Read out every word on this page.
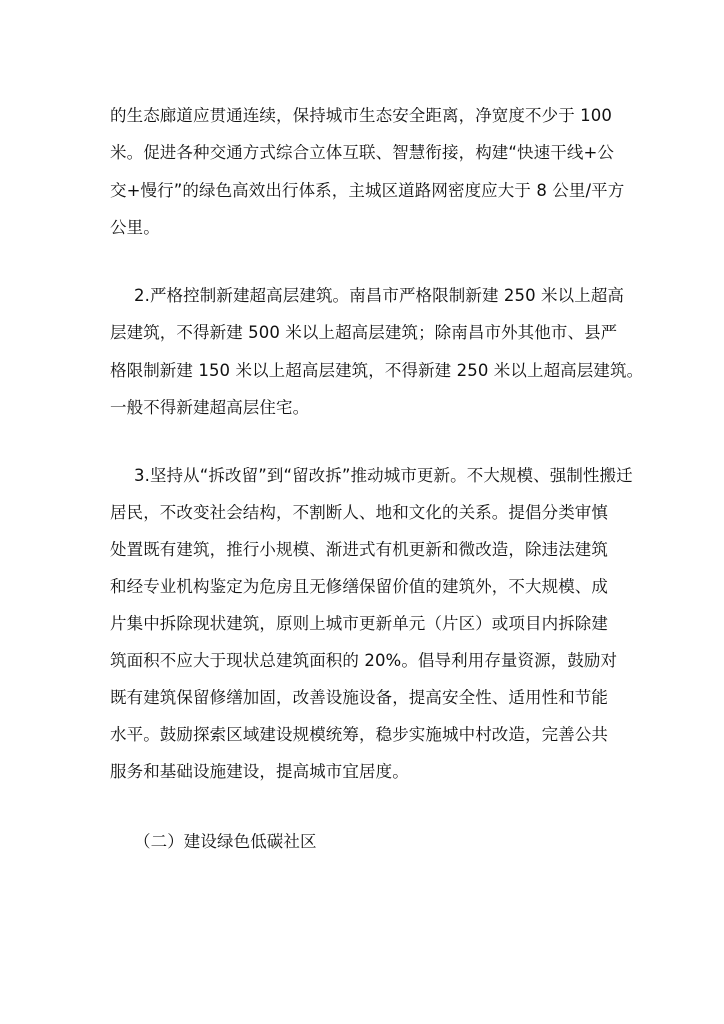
的生态廊道应贯通连续，保持城市生态安全距离，净宽度不少于 100
米。促进各种交通方式综合立体互联、智慧衔接，构建“快速干线+公
交+慢行”的绿色高效出行体系，主城区道路网密度应大于 8 公里/平方
公里。
2.严格控制新建超高层建筑。南昌市严格限制新建 250 米以上超高
层建筑，不得新建 500 米以上超高层建筑；除南昌市外其他市、县严
格限制新建 150 米以上超高层建筑，不得新建 250 米以上超高层建筑。
一般不得新建超高层住宅。
3.坚持从“拆改留”到“留改拆”推动城市更新。不大规模、强制性搬迁
居民，不改变社会结构，不割断人、地和文化的关系。提倡分类审慎
处置既有建筑，推行小规模、渐进式有机更新和微改造，除违法建筑
和经专业机构鉴定为危房且无修缮保留价值的建筑外，不大规模、成
片集中拆除现状建筑，原则上城市更新单元（片区）或项目内拆除建
筑面积不应大于现状总建筑面积的 20%。倡导利用存量资源，鼓励对
既有建筑保留修缮加固，改善设施设备，提高安全性、适用性和节能
水平。鼓励探索区域建设规模统筹，稳步实施城中村改造，完善公共
服务和基础设施建设，提高城市宜居度。
（二）建设绿色低碳社区
